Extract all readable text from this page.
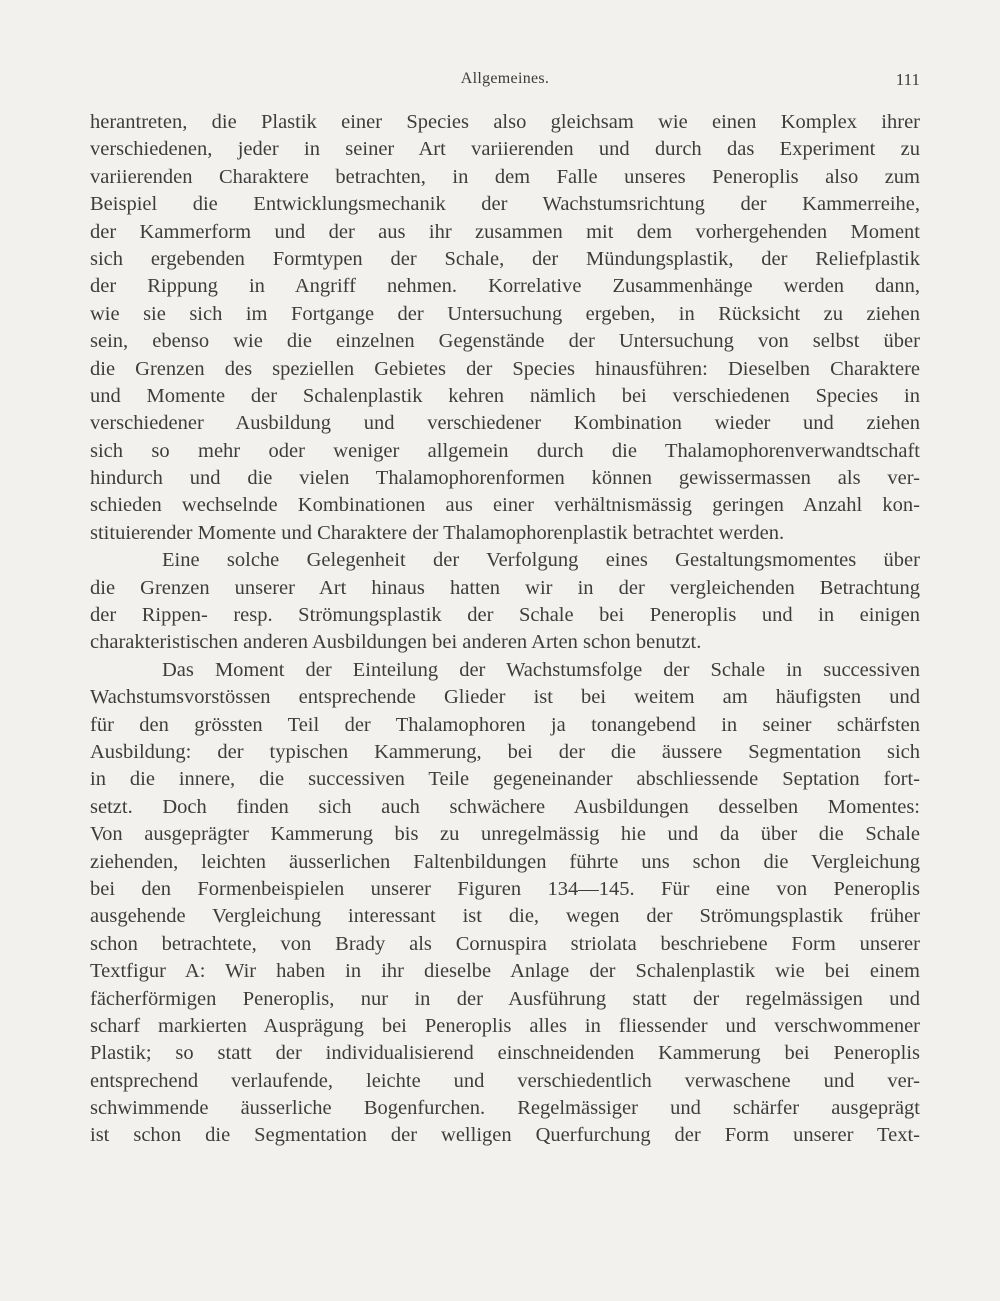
Allgemeines.	111
herantreten, die Plastik einer Species also gleichsam wie einen Komplex ihrer
verschiedenen, jeder in seiner Art variierenden und durch das Experiment zu
variierenden Charaktere betrachten, in dem Falle unseres Peneroplis also zum
Beispiel die Entwicklungsmechanik der Wachstumsrichtung der Kammerreihe,
der Kammerform und der aus ihr zusammen mit dem vorhergehenden Moment
sich ergebenden Formtypen der Schale, der Mündungsplastik, der Reliefplastik
der Rippung in Angriff nehmen. Korrelative Zusammenhänge werden dann,
wie sie sich im Fortgange der Untersuchung ergeben, in Rücksicht zu ziehen
sein, ebenso wie die einzelnen Gegenstände der Untersuchung von selbst über
die Grenzen des speziellen Gebietes der Species hinausführen: Dieselben Charaktere
und Momente der Schalenplastik kehren nämlich bei verschiedenen Species in
verschiedener Ausbildung und verschiedener Kombination wieder und ziehen
sich so mehr oder weniger allgemein durch die Thalamophorenverwandtschaft
hindurch und die vielen Thalamophorenformen können gewissermassen als ver-
schieden wechselnde Kombinationen aus einer verhältnismässig geringen Anzahl kon-
stituierender Momente und Charaktere der Thalamophorenplastik betrachtet werden.
Eine solche Gelegenheit der Verfolgung eines Gestaltungsmomentes über
die Grenzen unserer Art hinaus hatten wir in der vergleichenden Betrachtung
der Rippen- resp. Strömungsplastik der Schale bei Peneroplis und in einigen
charakteristischen anderen Ausbildungen bei anderen Arten schon benutzt.
Das Moment der Einteilung der Wachstumsfolge der Schale in successiven
Wachstumsvorstössen entsprechende Glieder ist bei weitem am häufigsten und
für den grössten Teil der Thalamophoren ja tonangebend in seiner schärfsten
Ausbildung: der typischen Kammerung, bei der die äussere Segmentation sich
in die innere, die successiven Teile gegeneinander abschliessende Septation fort-
setzt. Doch finden sich auch schwächere Ausbildungen desselben Momentes:
Von ausgeprägter Kammerung bis zu unregelmässig hie und da über die Schale
ziehenden, leichten äusserlichen Faltenbildungen führte uns schon die Vergleichung
bei den Formenbeispielen unserer Figuren 134—145. Für eine von Peneroplis
ausgehende Vergleichung interessant ist die, wegen der Strömungsplastik früher
schon betrachtete, von Brady als Cornuspira striolata beschriebene Form unserer
Textfigur A: Wir haben in ihr dieselbe Anlage der Schalenplastik wie bei einem
fächerförmigen Peneroplis, nur in der Ausführung statt der regelmässigen und
scharf markierten Ausprägung bei Peneroplis alles in fliessender und verschwommener
Plastik; so statt der individualisierend einschneidenden Kammerung bei Peneroplis
entsprechend verlaufende, leichte und verschiedentlich verwaschene und ver-
schwimmende äusserliche Bogenfurchen. Regelmässiger und schärfer ausgeprägt
ist schon die Segmentation der welligen Querfurchung der Form unserer Text-
